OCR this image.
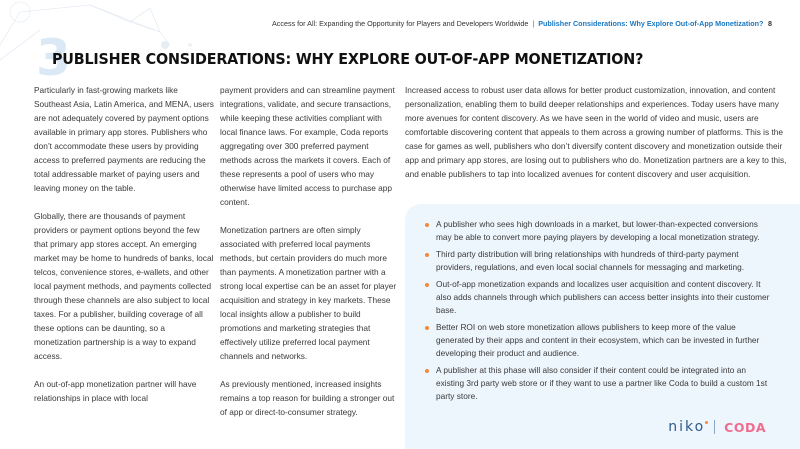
Access for All: Expanding the Opportunity for Players and Developers Worldwide | Publisher Considerations: Why Explore Out-of-App Monetization? 8
3
PUBLISHER CONSIDERATIONS: WHY EXPLORE OUT-OF-APP MONETIZATION?

Particularly in fast-growing markets like Southeast Asia, Latin America, and MENA, users are not adequately covered by payment options available in primary app stores. Publishers who don’t accommodate these users by providing access to preferred payments are reducing the total addressable market of paying users and leaving money on the table.

Globally, there are thousands of payment providers or payment options beyond the few that primary app stores accept. An emerging market may be home to hundreds of banks, local telcos, convenience stores, e-wallets, and other local payment methods, and payments collected through these channels are also subject to local taxes. For a publisher, building coverage of all these options can be daunting, so a monetization partnership is a way to expand access.

An out-of-app monetization partner will have relationships in place with local

payment providers and can streamline payment integrations, validate, and secure transactions, while keeping these activities compliant with local finance laws. For example, Coda reports aggregating over 300 preferred payment methods across the markets it covers. Each of these represents a pool of users who may otherwise have limited access to purchase app content.

Monetization partners are often simply associated with preferred local payments methods, but certain providers do much more than payments. A monetization partner with a strong local expertise can be an asset for player acquisition and strategy in key markets. These local insights allow a publisher to build promotions and marketing strategies that effectively utilize preferred local payment channels and networks.

As previously mentioned, increased insights remains a top reason for building a stronger out of app or direct-to-consumer strategy.

Increased access to robust user data allows for better product customization, innovation, and content personalization, enabling them to build deeper relationships and experiences. Today users have many more avenues for content discovery. As we have seen in the world of video and music, users are comfortable discovering content that appeals to them across a growing number of platforms. This is the case for games as well, publishers who don’t diversify content discovery and monetization outside their app and primary app stores, are losing out to publishers who do. Monetization partners are a key to this, and enable publishers to tap into localized avenues for content discovery and user acquisition.

A publisher who sees high downloads in a market, but lower-than-expected conversions may be able to convert more paying players by developing a local monetization strategy.
Third party distribution will bring relationships with hundreds of third-party payment providers, regulations, and even local social channels for messaging and marketing.
Out-of-app monetization expands and localizes user acquisition and content discovery. It also adds channels through which publishers can access better insights into their customer base.
Better ROI on web store monetization allows publishers to keep more of the value generated by their apps and content in their ecosystem, which can be invested in further developing their product and audience.
A publisher at this phase will also consider if their content could be integrated into an existing 3rd party web store or if they want to use a partner like Coda to build a custom 1st party store.
niko CODA
